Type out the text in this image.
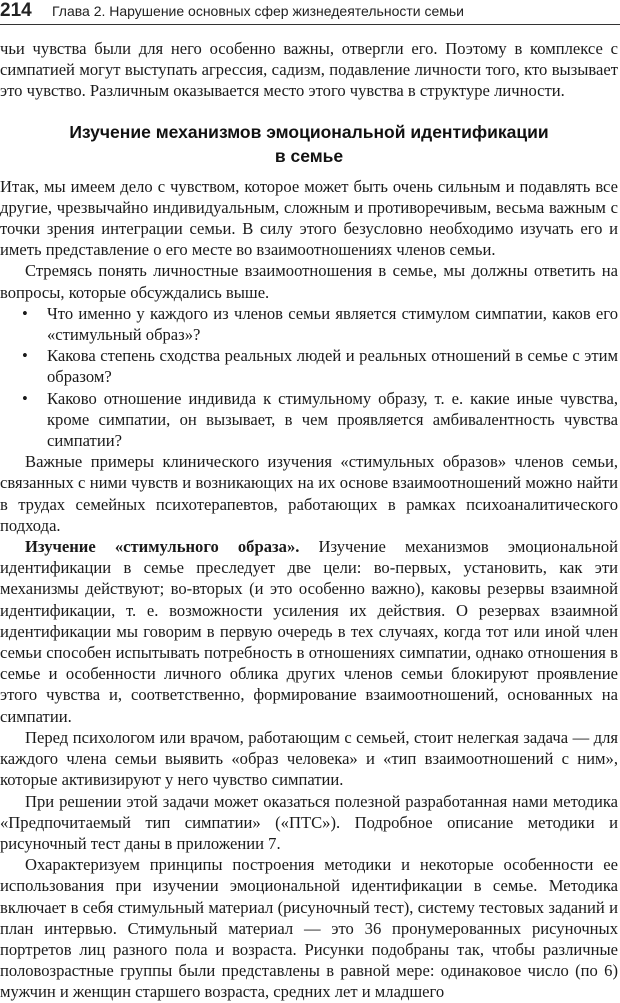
214 Глава 2. Нарушение основных сфер жизнедеятельности семьи

чьи чувства были для него особенно важны, отвергли его. Поэтому в комплексе с симпатией могут выступать агрессия, садизм, подавление личности того, кто вызывает это чувство. Различным оказывается место этого чувства в структуре личности.

Изучение механизмов эмоциональной идентификации
в семье

Итак, мы имеем дело с чувством, которое может быть очень сильным и подавлять все другие, чрезвычайно индивидуальным, сложным и противоречивым, весьма важным с точки зрения интеграции семьи. В силу этого безусловно необходимо изучать его и иметь представление о его месте во взаимоотношениях членов семьи.

Стремясь понять личностные взаимоотношения в семье, мы должны ответить на вопросы, которые обсуждались выше.

• Что именно у каждого из членов семьи является стимулом симпатии, каков его «стимульный образ»?
• Какова степень сходства реальных людей и реальных отношений в семье с этим образом?
• Каково отношение индивида к стимульному образу, т. е. какие иные чувства, кроме симпатии, он вызывает, в чем проявляется амбивалентность чувства симпатии?

Важные примеры клинического изучения «стимульных образов» членов семьи, связанных с ними чувств и возникающих на их основе взаимоотношений можно найти в трудах семейных психотерапевтов, работающих в рамках психоаналитического подхода.

Изучение «стимульного образа». Изучение механизмов эмоциональной идентификации в семье преследует две цели: во-первых, установить, как эти механизмы действуют; во-вторых (и это особенно важно), каковы резервы взаимной идентификации, т. е. возможности усиления их действия. О резервах взаимной идентификации мы говорим в первую очередь в тех случаях, когда тот или иной член семьи способен испытывать потребность в отношениях симпатии, однако отношения в семье и особенности личного облика других членов семьи блокируют проявление этого чувства и, соответственно, формирование взаимоотношений, основанных на симпатии.

Перед психологом или врачом, работающим с семьей, стоит нелегкая задача — для каждого члена семьи выявить «образ человека» и «тип взаимоотношений с ним», которые активизируют у него чувство симпатии.

При решении этой задачи может оказаться полезной разработанная нами методика «Предпочитаемый тип симпатии» («ПТС»). Подробное описание методики и рисуночный тест даны в приложении 7.

Охарактеризуем принципы построения методики и некоторые особенности ее использования при изучении эмоциональной идентификации в семье. Методика включает в себя стимульный материал (рисуночный тест), систему тестовых заданий и план интервью. Стимульный материал — это 36 пронумерованных рисуночных портретов лиц разного пола и возраста. Рисунки подобраны так, чтобы различные половозрастные группы были представлены в равной мере: одинаковое число (по 6) мужчин и женщин старшего возраста, средних лет и младшего
